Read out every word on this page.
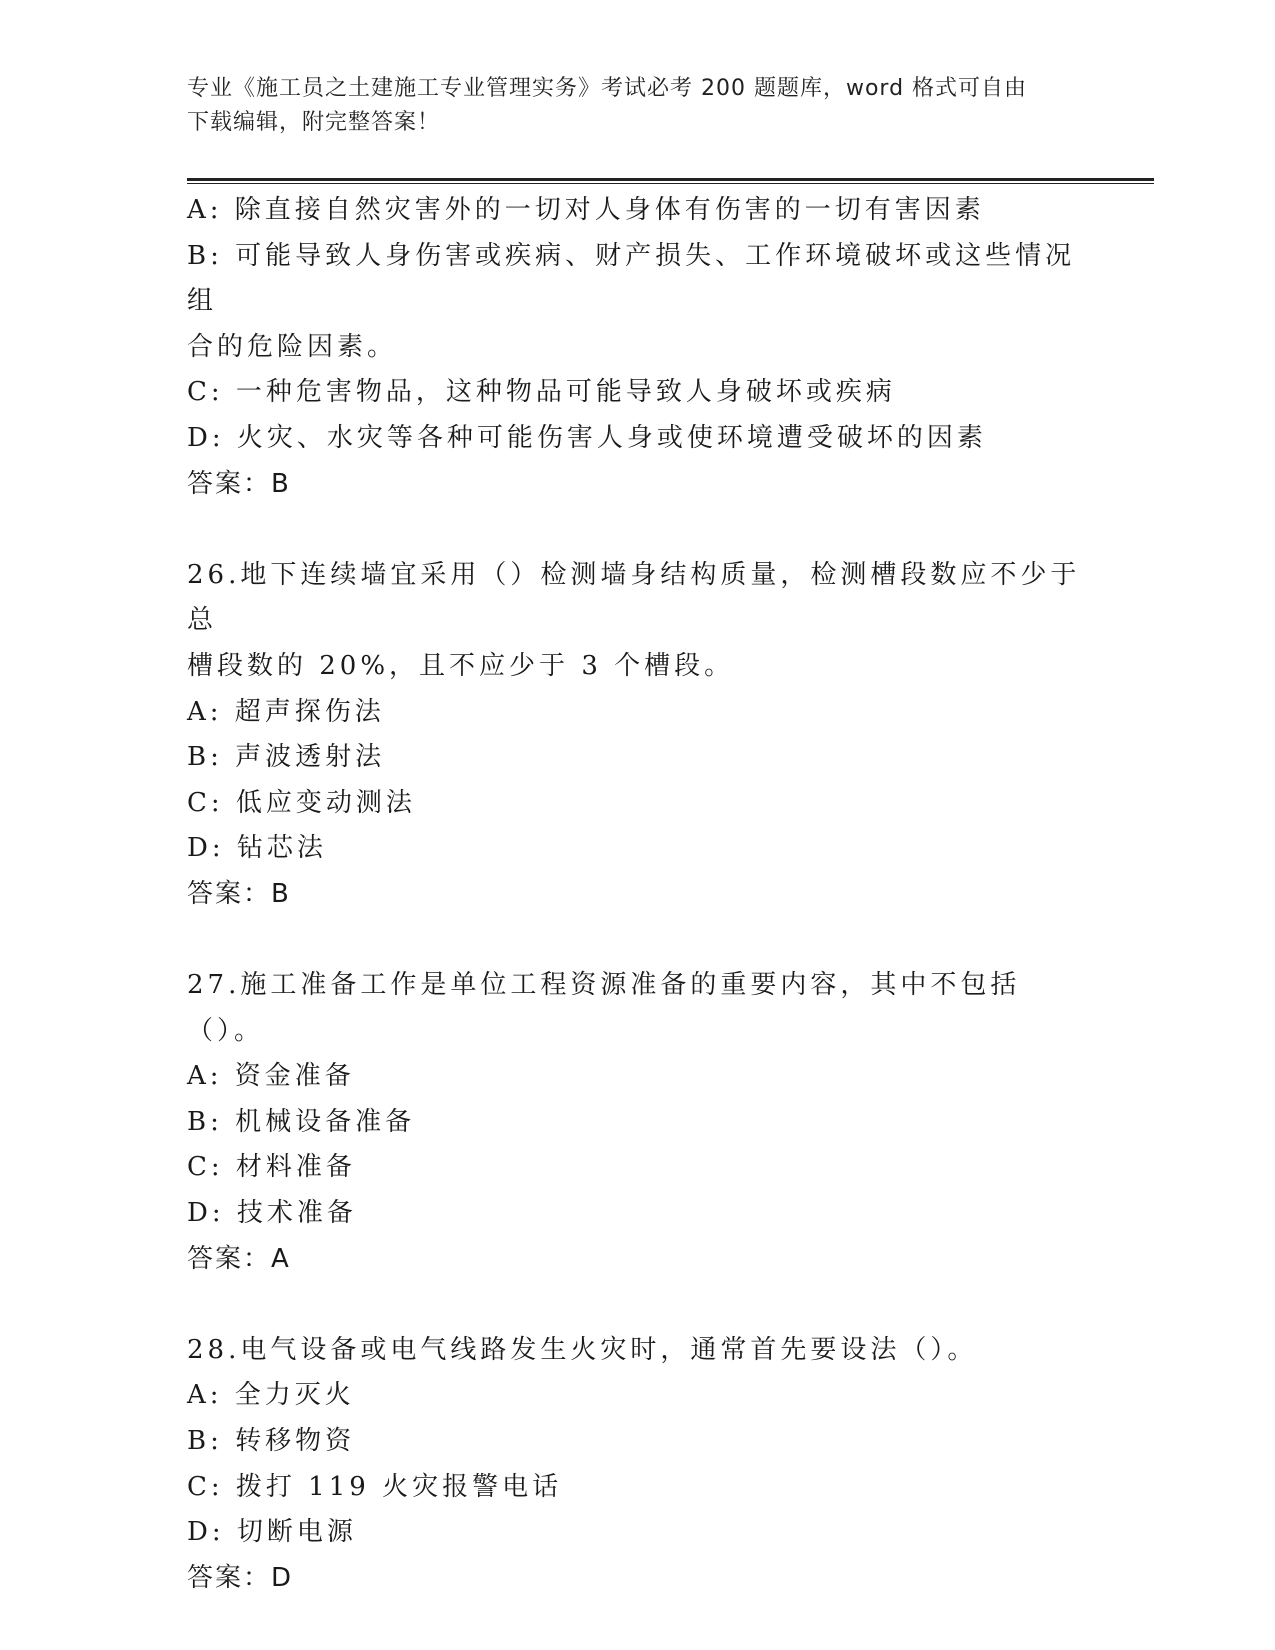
专业《施工员之土建施工专业管理实务》考试必考 200 题题库，word 格式可自由
下载编辑，附完整答案！
A: 除直接自然灾害外的一切对人身体有伤害的一切有害因素
B: 可能导致人身伤害或疾病、财产损失、工作环境破坏或这些情况组
合的危险因素。
C: 一种危害物品，这种物品可能导致人身破坏或疾病
D: 火灾、水灾等各种可能伤害人身或使环境遭受破坏的因素
答案：B
26.地下连续墙宜采用（）检测墙身结构质量，检测槽段数应不少于总
槽段数的 20%，且不应少于 3 个槽段。
A: 超声探伤法
B: 声波透射法
C: 低应变动测法
D: 钻芯法
答案：B
27.施工准备工作是单位工程资源准备的重要内容，其中不包括（）。
A: 资金准备
B: 机械设备准备
C: 材料准备
D: 技术准备
答案：A
28.电气设备或电气线路发生火灾时，通常首先要设法（）。
A: 全力灭火
B: 转移物资
C: 拨打 119 火灾报警电话
D: 切断电源
答案：D
